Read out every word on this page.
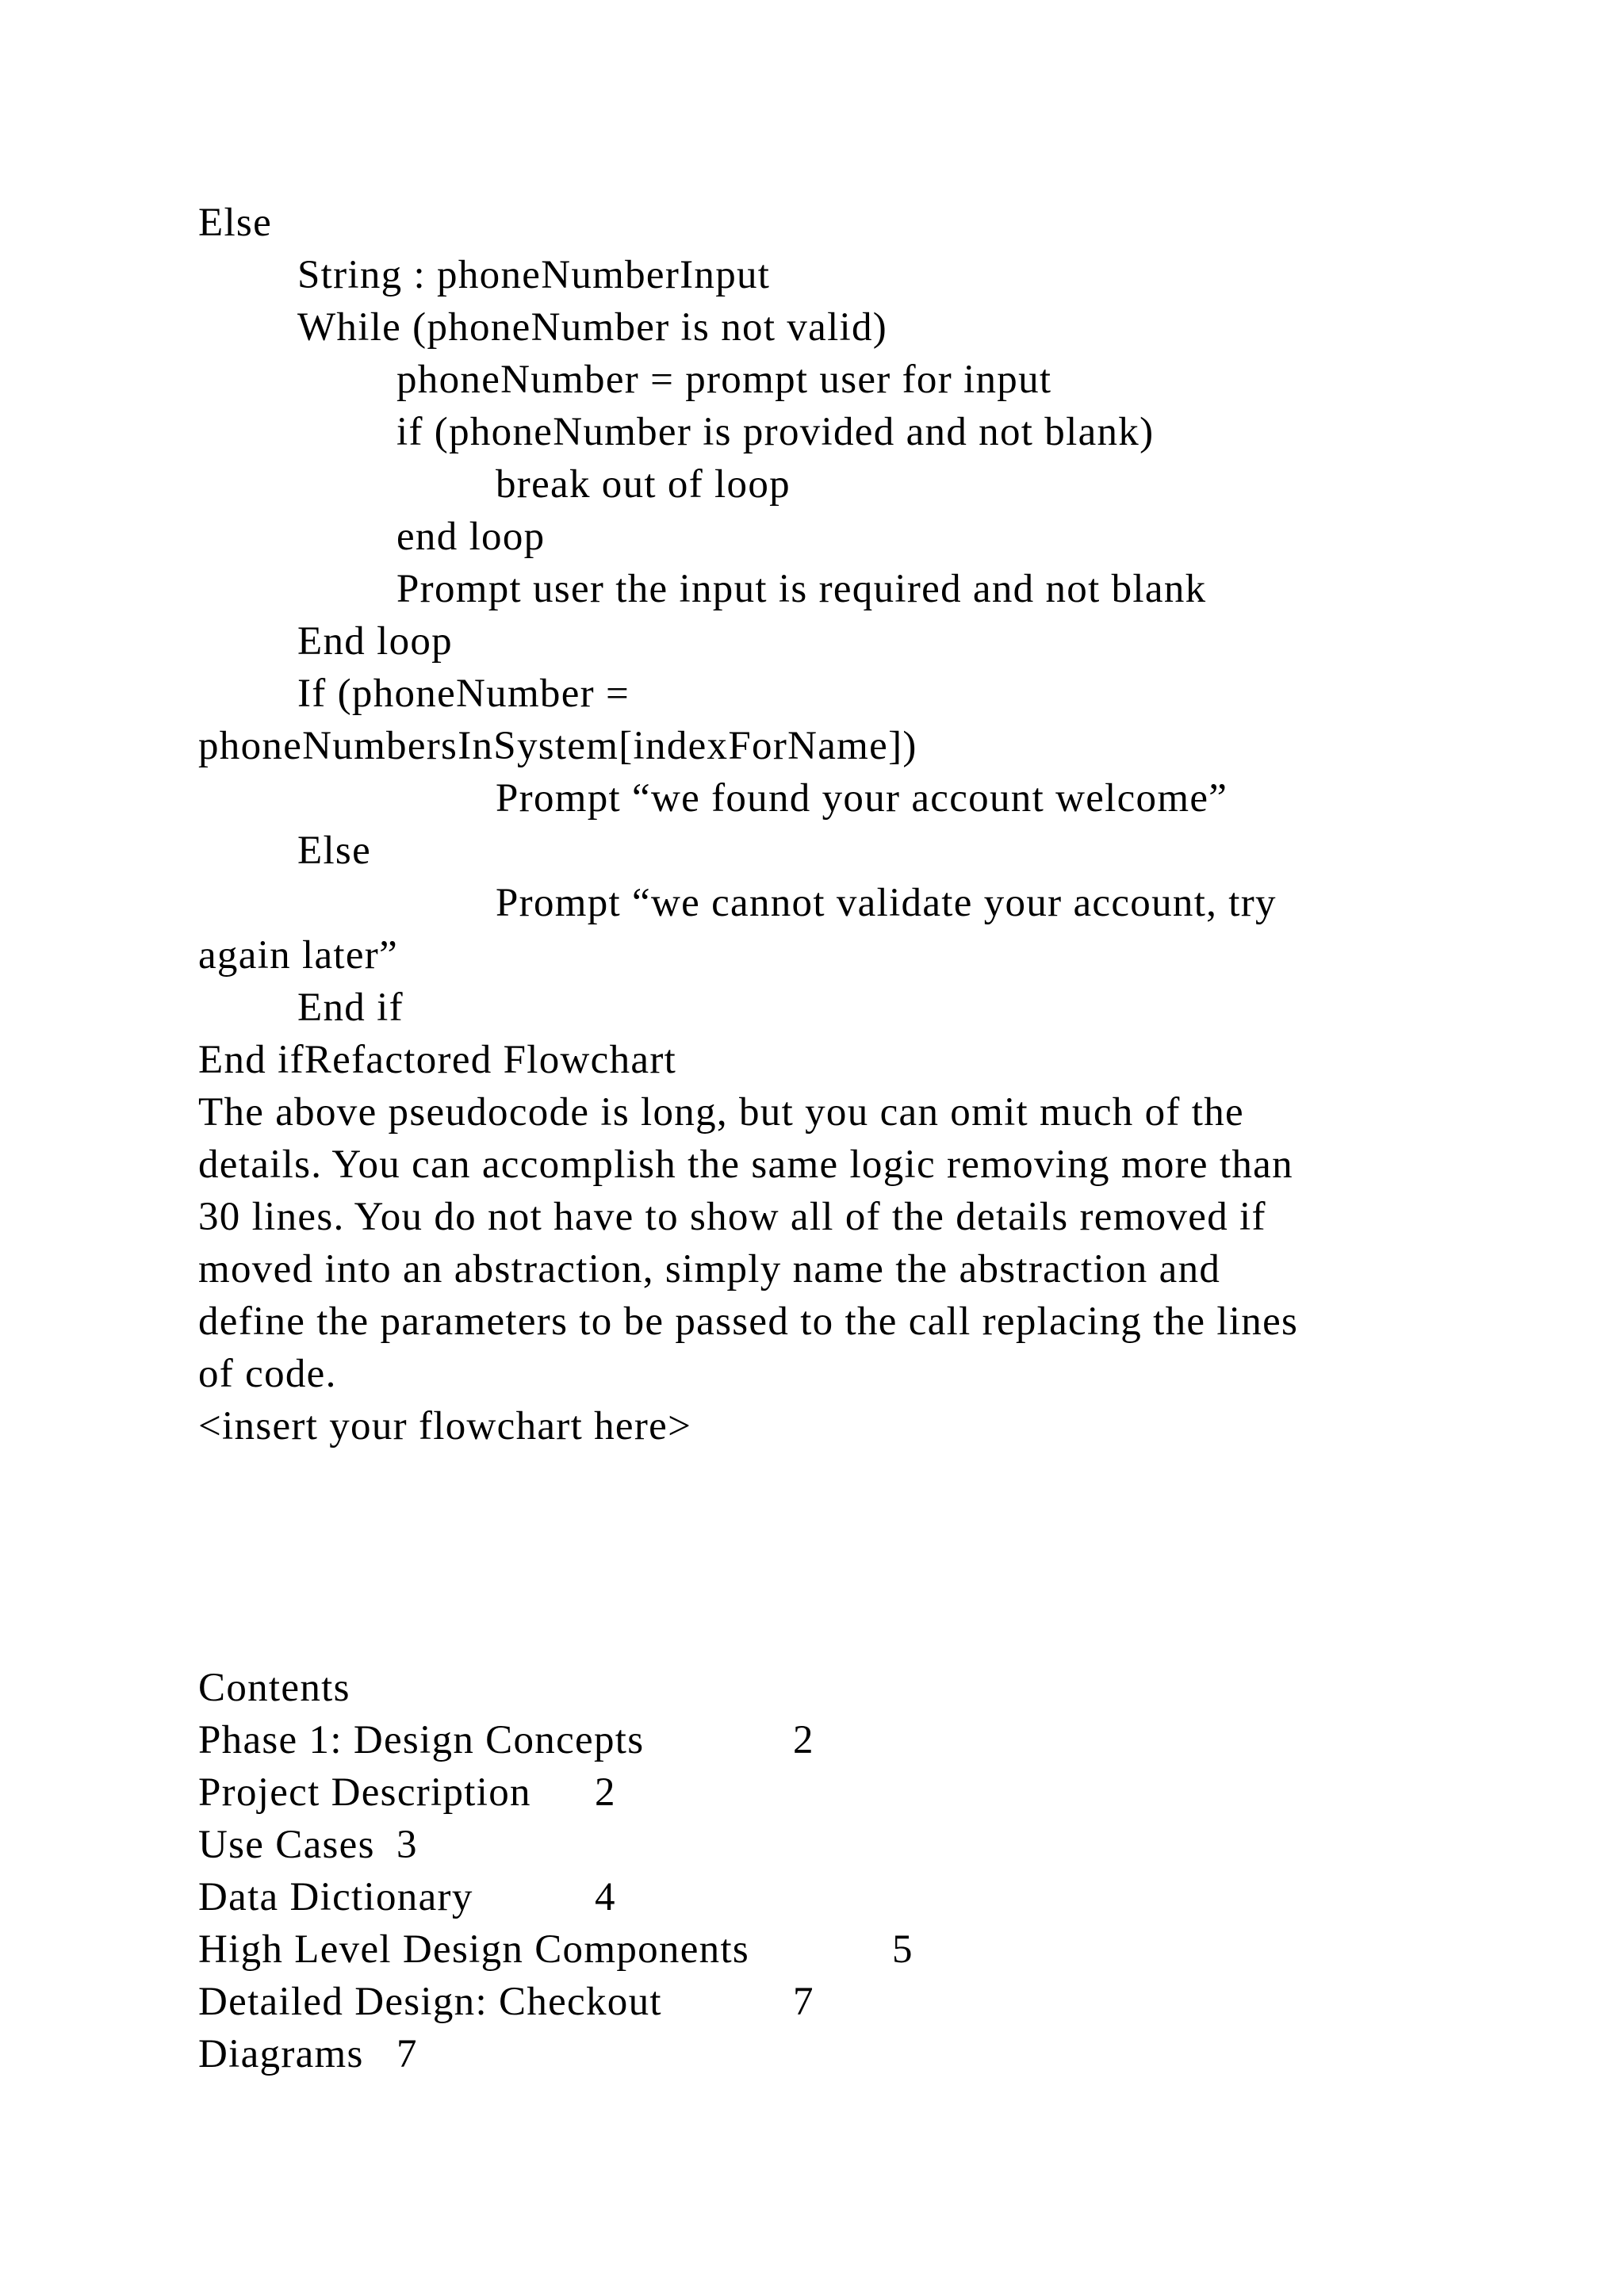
Else
String : phoneNumberInput
While (phoneNumber is not valid)
phoneNumber = prompt user for input
if (phoneNumber is provided and not blank)
break out of loop
end loop
Prompt user the input is required and not blank
End loop
If (phoneNumber =
phoneNumbersInSystem[indexForName])
Prompt “we found your account welcome”
Else
Prompt “we cannot validate your account, try
again later”
End if
End ifRefactored Flowchart
The above pseudocode is long, but you can omit much of the
details. You can accomplish the same logic removing more than
30 lines. You do not have to show all of the details removed if
moved into an abstraction, simply name the abstraction and
define the parameters to be passed to the call replacing the lines
of code.
<insert your flowchart here>
Contents
Phase 1: Design Concepts	2
Project Description 2
Use Cases 3
Data Dictionary	4
High Level Design Components	5
Detailed Design: Checkout	7
Diagrams 7
